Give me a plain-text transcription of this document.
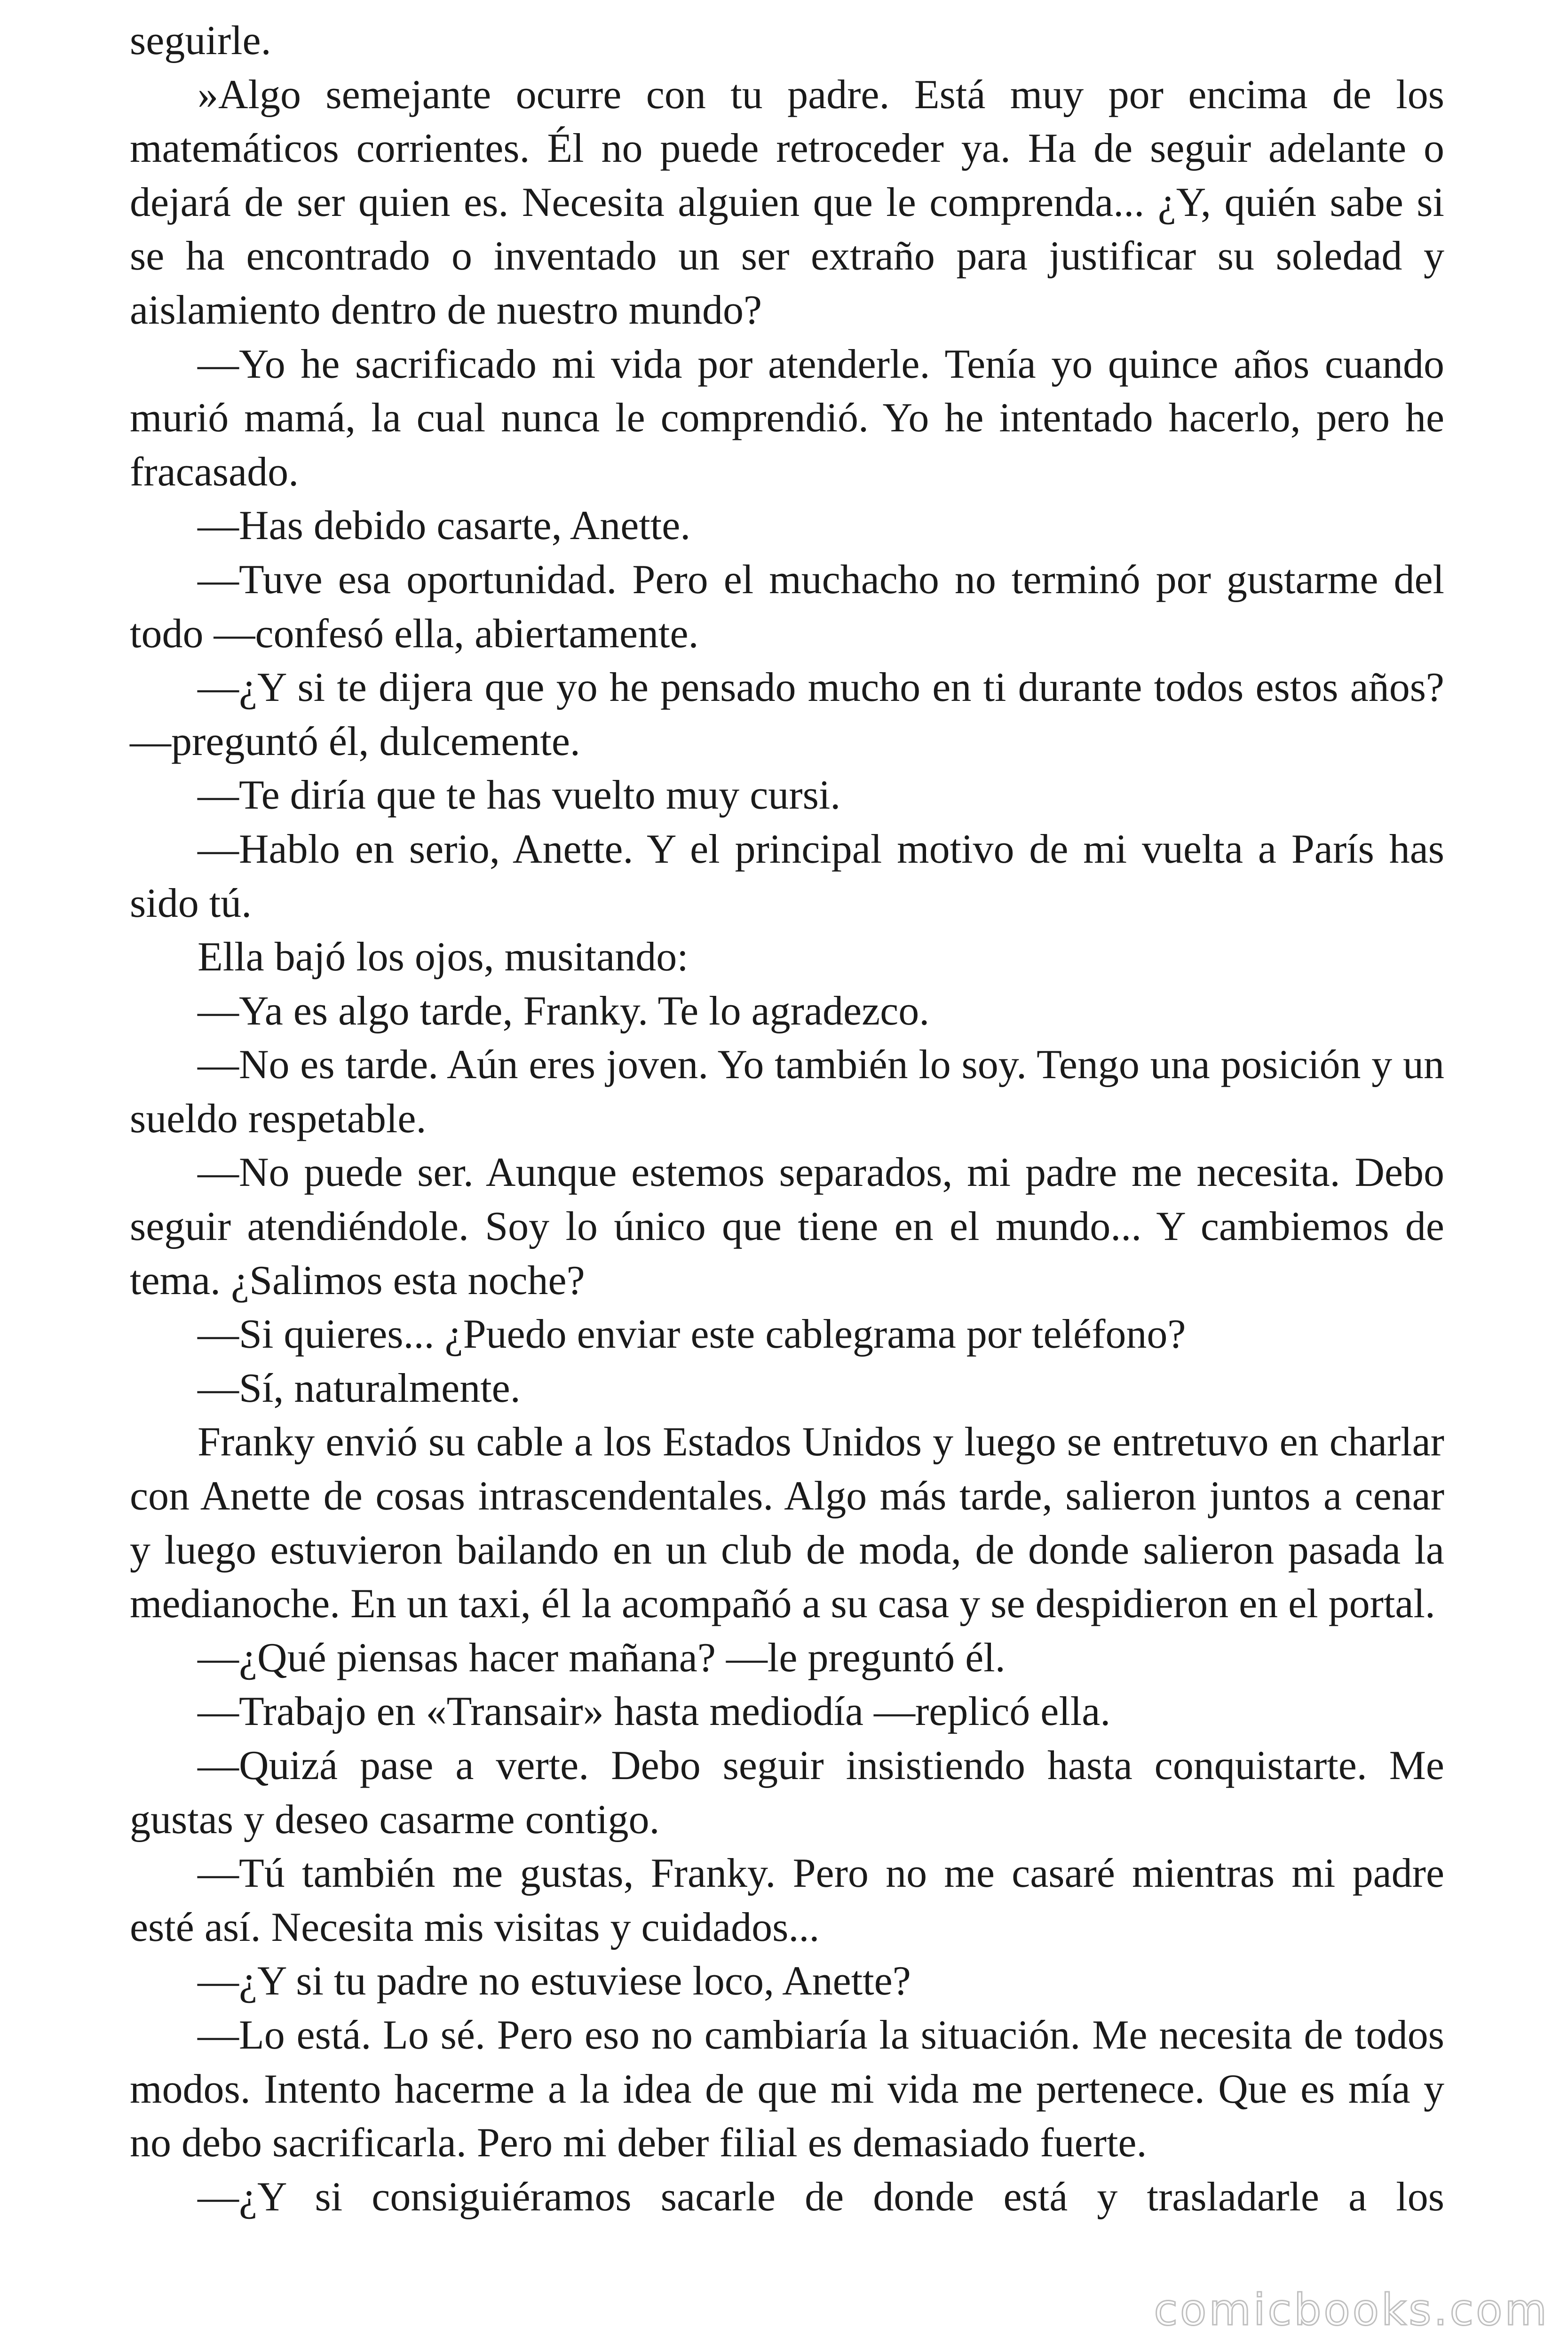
seguirle.

»Algo semejante ocurre con tu padre. Está muy por encima de los matemáticos corrientes. Él no puede retroceder ya. Ha de seguir adelante o dejará de ser quien es. Necesita alguien que le comprenda... ¿Y, quién sabe si se ha encontrado o inventado un ser extraño para justificar su soledad y aislamiento dentro de nuestro mundo?

—Yo he sacrificado mi vida por atenderle. Tenía yo quince años cuando murió mamá, la cual nunca le comprendió. Yo he intentado hacerlo, pero he fracasado.

—Has debido casarte, Anette.

—Tuve esa oportunidad. Pero el muchacho no terminó por gustarme del todo —confesó ella, abiertamente.

—¿Y si te dijera que yo he pensado mucho en ti durante todos estos años? —preguntó él, dulcemente.

—Te diría que te has vuelto muy cursi.

—Hablo en serio, Anette. Y el principal motivo de mi vuelta a París has sido tú.

Ella bajó los ojos, musitando:

—Ya es algo tarde, Franky. Te lo agradezco.

—No es tarde. Aún eres joven. Yo también lo soy. Tengo una posición y un sueldo respetable.

—No puede ser. Aunque estemos separados, mi padre me necesita. Debo seguir atendiéndole. Soy lo único que tiene en el mundo... Y cambiemos de tema. ¿Salimos esta noche?

—Si quieres... ¿Puedo enviar este cablegrama por teléfono?

—Sí, naturalmente.

Franky envió su cable a los Estados Unidos y luego se entretuvo en charlar con Anette de cosas intrascendentales. Algo más tarde, salieron juntos a cenar y luego estuvieron bailando en un club de moda, de donde salieron pasada la medianoche. En un taxi, él la acompañó a su casa y se despidieron en el portal.

—¿Qué piensas hacer mañana? —le preguntó él.

—Trabajo en «Transair» hasta mediodía —replicó ella.

—Quizá pase a verte. Debo seguir insistiendo hasta conquistarte. Me gustas y deseo casarme contigo.

—Tú también me gustas, Franky. Pero no me casaré mientras mi padre esté así. Necesita mis visitas y cuidados...

—¿Y si tu padre no estuviese loco, Anette?

—Lo está. Lo sé. Pero eso no cambiaría la situación. Me necesita de todos modos. Intento hacerme a la idea de que mi vida me pertenece. Que es mía y no debo sacrificarla. Pero mi deber filial es demasiado fuerte.

—¿Y si consiguiéramos sacarle de donde está y trasladarle a los

comicbooks.com
